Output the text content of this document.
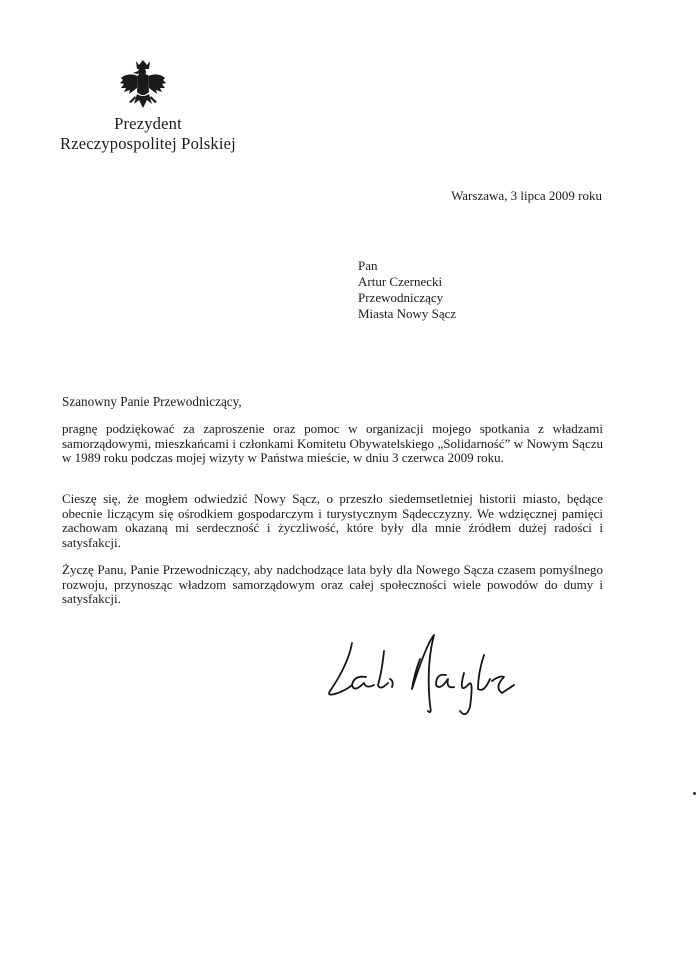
Prezydent
Rzeczypospolitej Polskiej
Warszawa, 3 lipca 2009 roku
Pan
Artur Czernecki
Przewodniczący
Miasta Nowy Sącz
Szanowny Panie Przewodniczący,

pragnę podziękować za zaproszenie oraz pomoc w organizacji mojego spotkania z władzami samorządowymi, mieszkańcami i członkami Komitetu Obywatelskiego „Solidarność” w Nowym Sączu w 1989 roku podczas mojej wizyty w Państwa mieście, w dniu 3 czerwca 2009 roku.

Cieszę się, że mogłem odwiedzić Nowy Sącz, o przeszło siedemsetletniej historii miasto, będące obecnie liczącym się ośrodkiem gospodarczym i turystycznym Sądecczyzny. We wdzięcznej pamięci zachowam okazaną mi serdeczność i życzliwość, które były dla mnie źródłem dużej radości i satysfakcji.

Życzę Panu, Panie Przewodniczący, aby nadchodzące lata były dla Nowego Sącza czasem pomyślnego rozwoju, przynosząc władzom samorządowym oraz całej społeczności wiele powodów do dumy i satysfakcji.
